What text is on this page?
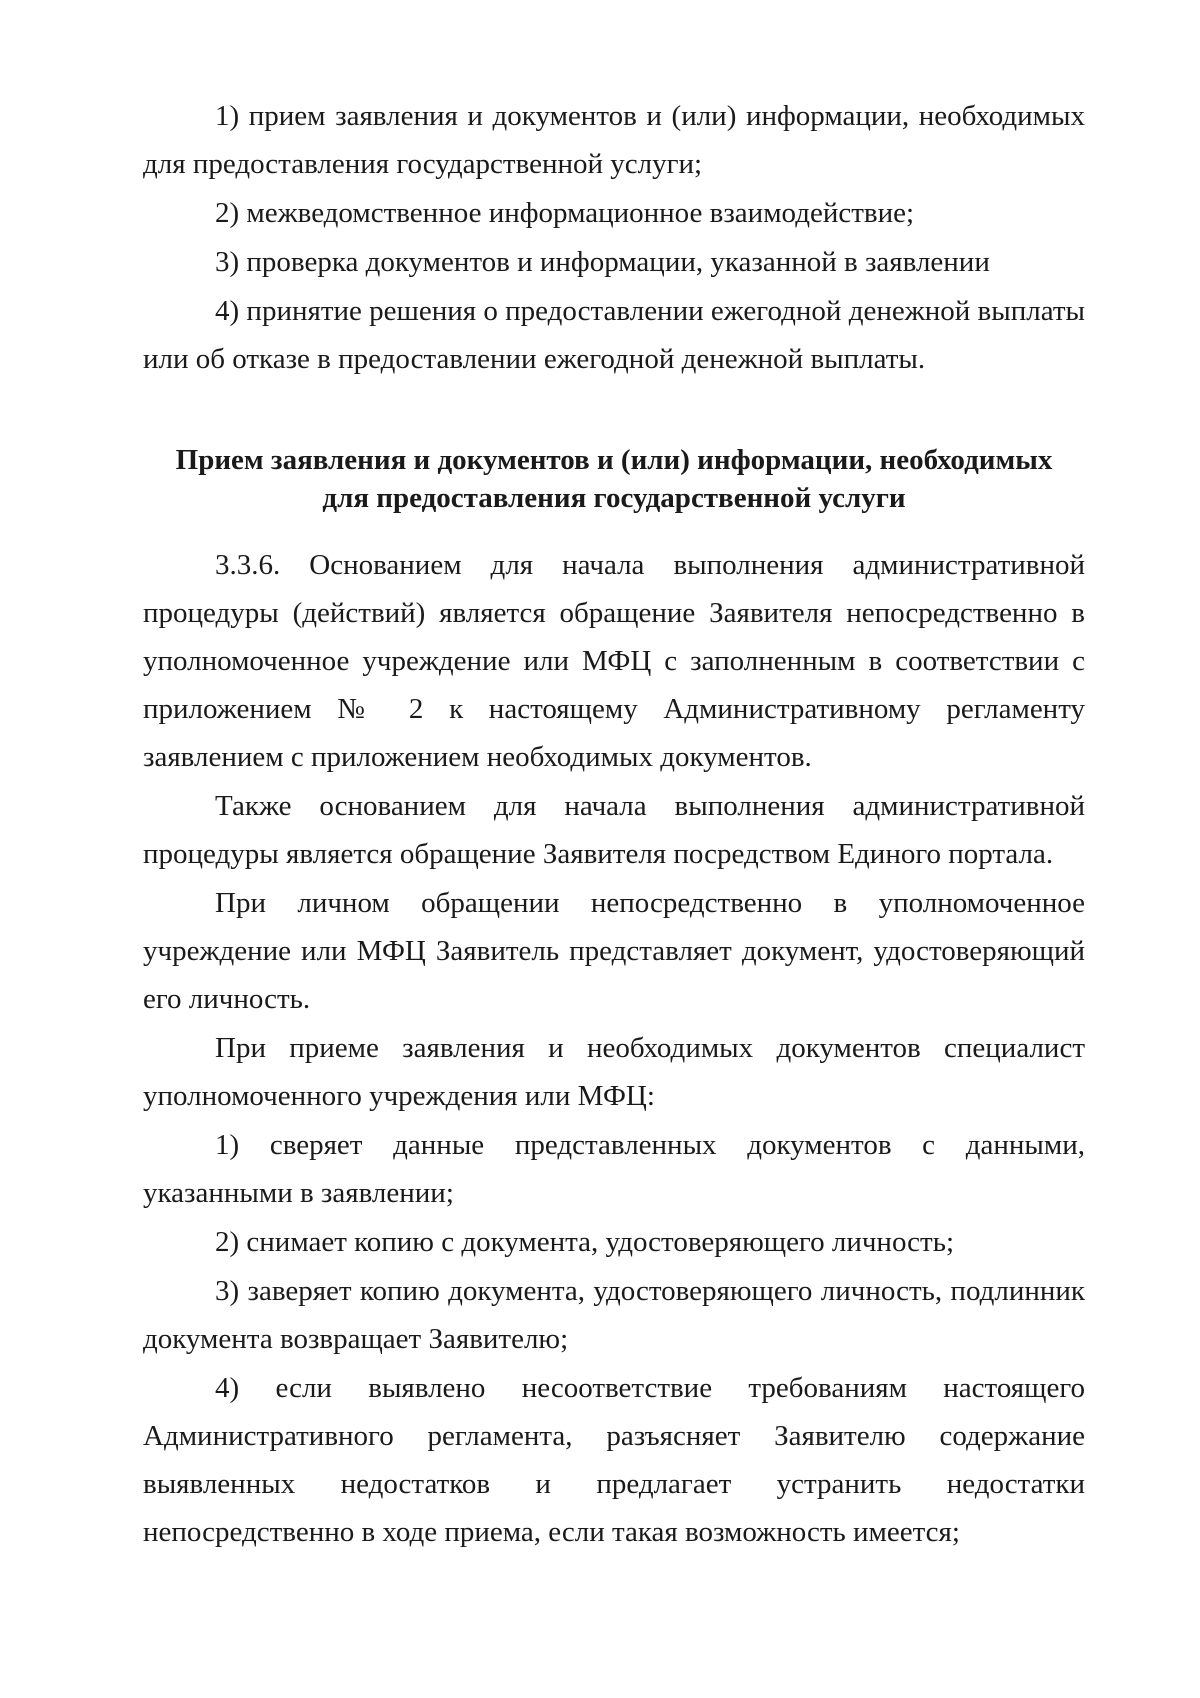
1) прием заявления и документов и (или) информации, необходимых для предоставления государственной услуги;

2) межведомственное информационное взаимодействие;

3) проверка документов и информации, указанной в заявлении

4) принятие решения о предоставлении ежегодной денежной выплаты или об отказе в предоставлении ежегодной денежной выплаты.

Прием заявления и документов и (или) информации, необходимых

для предоставления государственной услуги

3.3.6. Основанием для начала выполнения административной процедуры (действий) является обращение Заявителя непосредственно в уполномоченное учреждение или МФЦ с заполненным в соответствии с приложением № 2 к настоящему Административному регламенту заявлением с приложением необходимых документов.

Также основанием для начала выполнения административной процедуры является обращение Заявителя посредством Единого портала.

При личном обращении непосредственно в уполномоченное учреждение или МФЦ Заявитель представляет документ, удостоверяющий его личность.

При приеме заявления и необходимых документов специалист уполномоченного учреждения или МФЦ:

1) сверяет данные представленных документов с данными, указанными в заявлении;

2) снимает копию с документа, удостоверяющего личность;

3) заверяет копию документа, удостоверяющего личность, подлинник документа возвращает Заявителю;

4) если выявлено несоответствие требованиям настоящего Административного регламента, разъясняет Заявителю содержание выявленных недостатков и предлагает устранить недостатки непосредственно в ходе приема, если такая возможность имеется;
